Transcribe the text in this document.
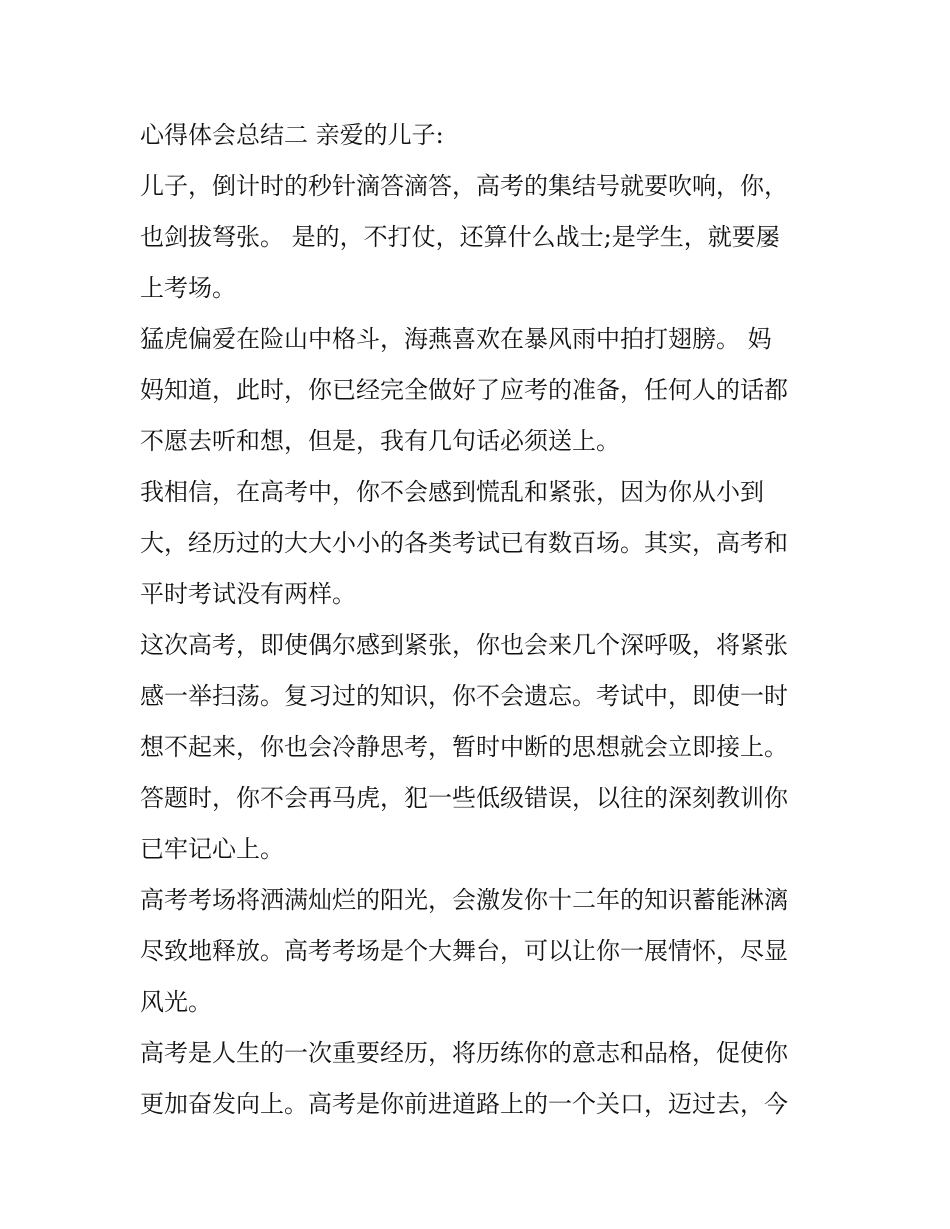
心得体会总结二 亲爱的儿子:
儿子，倒计时的秒针滴答滴答，高考的集结号就要吹响，你，
也剑拔弩张。 是的，不打仗，还算什么战士;是学生，就要屡
上考场。
猛虎偏爱在险山中格斗，海燕喜欢在暴风雨中拍打翅膀。 妈
妈知道，此时，你已经完全做好了应考的准备，任何人的话都
不愿去听和想，但是，我有几句话必须送上。
我相信，在高考中，你不会感到慌乱和紧张，因为你从小到
大，经历过的大大小小的各类考试已有数百场。其实，高考和
平时考试没有两样。
这次高考，即使偶尔感到紧张，你也会来几个深呼吸，将紧张
感一举扫荡。复习过的知识，你不会遗忘。考试中，即使一时
想不起来，你也会冷静思考，暂时中断的思想就会立即接上。
答题时，你不会再马虎，犯一些低级错误，以往的深刻教训你
已牢记心上。
高考考场将洒满灿烂的阳光，会激发你十二年的知识蓄能淋漓
尽致地释放。高考考场是个大舞台，可以让你一展情怀，尽显
风光。
高考是人生的一次重要经历，将历练你的意志和品格，促使你
更加奋发向上。高考是你前进道路上的一个关口，迈过去，今
